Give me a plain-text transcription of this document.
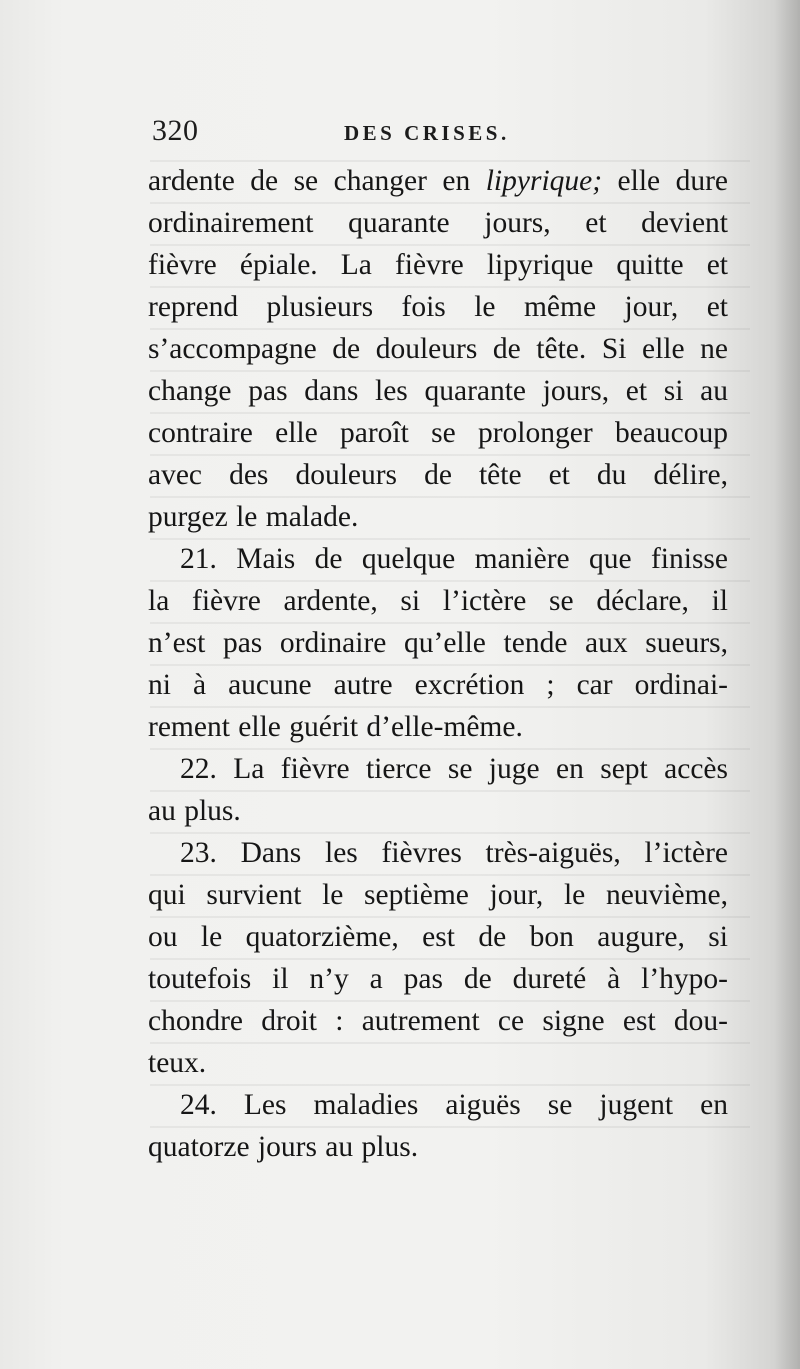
320	DES CRISES.
ardente de se changer en lipyrique; elle dure
ordinairement quarante jours, et devient
fièvre épiale. La fièvre lipyrique quitte et
reprend plusieurs fois le même jour, et
s’accompagne de douleurs de tête. Si elle ne
change pas dans les quarante jours, et si au
contraire elle paroît se prolonger beaucoup
avec des douleurs de tête et du délire,
purgez le malade.
21. Mais de quelque manière que finisse
la fièvre ardente, si l’ictère se déclare, il
n’est pas ordinaire qu’elle tende aux sueurs,
ni à aucune autre excrétion ; car ordinai-
rement elle guérit d’elle-même.
22. La fièvre tierce se juge en sept accès
au plus.
23. Dans les fièvres très-aiguës, l’ictère
qui survient le septième jour, le neuvième,
ou le quatorzième, est de bon augure, si
toutefois il n’y a pas de dureté à l’hypo-
chondre droit : autrement ce signe est dou-
teux.
24. Les maladies aiguës se jugent en
quatorze jours au plus.
